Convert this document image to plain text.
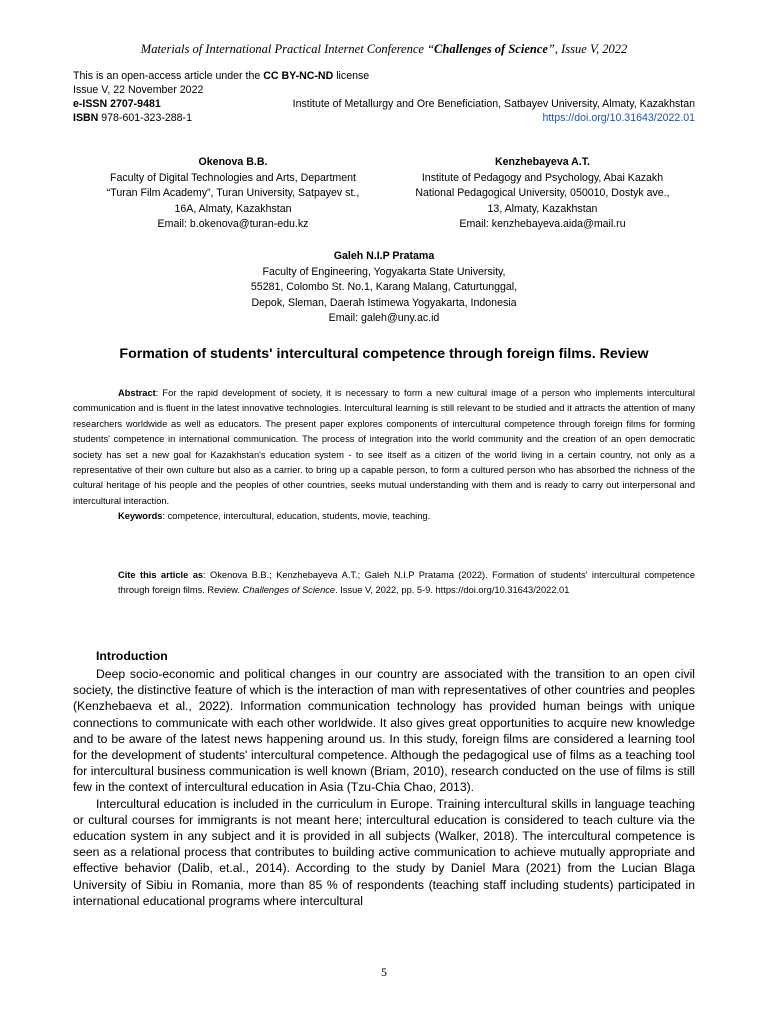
Materials of International Practical Internet Conference “Challenges of Science”, Issue V, 2022
This is an open-access article under the CC BY-NC-ND license
Issue V, 22 November 2022
e-ISSN 2707-9481	Institute of Metallurgy and Ore Beneficiation, Satbayev University, Almaty, Kazakhstan
ISBN 978-601-323-288-1	https://doi.org/10.31643/2022.01
Okenova B.B.
Faculty of Digital Technologies and Arts, Department
“Turan Film Academy”, Turan University, Satpayev st.,
16A, Almaty, Kazakhstan
Email: b.okenova@turan-edu.kz
Kenzhebayeva A.T.
Institute of Pedagogy and Psychology, Abai Kazakh
National Pedagogical University, 050010, Dostyk ave.,
13, Almaty, Kazakhstan
Email: kenzhebayeva.aida@mail.ru
Galeh N.I.P Pratama
Faculty of Engineering, Yogyakarta State University,
55281, Colombo St. No.1, Karang Malang, Caturtunggal,
Depok, Sleman, Daerah Istimewa Yogyakarta, Indonesia
Email: galeh@uny.ac.id
Formation of students' intercultural competence through foreign films. Review
Abstract: For the rapid development of society, it is necessary to form a new cultural image of a person who implements intercultural communication and is fluent in the latest innovative technologies. Intercultural learning is still relevant to be studied and it attracts the attention of many researchers worldwide as well as educators. The present paper explores components of intercultural competence through foreign films for forming students' competence in international communication. The process of integration into the world community and the creation of an open democratic society has set a new goal for Kazakhstan's education system - to see itself as a citizen of the world living in a certain country, not only as a representative of their own culture but also as a carrier. to bring up a capable person, to form a cultured person who has absorbed the richness of the cultural heritage of his people and the peoples of other countries, seeks mutual understanding with them and is ready to carry out interpersonal and intercultural interaction.
Keywords: competence, intercultural, education, students, movie, teaching.
Cite this article as: Okenova B.B.; Kenzhebayeva A.T.; Galeh N.I.P Pratama (2022). Formation of students' intercultural competence through foreign films. Review. Challenges of Science. Issue V, 2022, pp. 5-9. https://doi.org/10.31643/2022.01
Introduction

Deep socio-economic and political changes in our country are associated with the transition to an open civil society, the distinctive feature of which is the interaction of man with representatives of other countries and peoples (Kenzhebaeva et al., 2022). Information communication technology has provided human beings with unique connections to communicate with each other worldwide. It also gives great opportunities to acquire new knowledge and to be aware of the latest news happening around us. In this study, foreign films are considered a learning tool for the development of students' intercultural competence. Although the pedagogical use of films as a teaching tool for intercultural business communication is well known (Briam, 2010), research conducted on the use of films is still few in the context of intercultural education in Asia (Tzu-Chia Chao, 2013).

Intercultural education is included in the curriculum in Europe. Training intercultural skills in language teaching or cultural courses for immigrants is not meant here; intercultural education is considered to teach culture via the education system in any subject and it is provided in all subjects (Walker, 2018). The intercultural competence is seen as a relational process that contributes to building active communication to achieve mutually appropriate and effective behavior (Dalib, et.al., 2014). According to the study by Daniel Mara (2021) from the Lucian Blaga University of Sibiu in Romania, more than 85 % of respondents (teaching staff including students) participated in international educational programs where intercultural

5
